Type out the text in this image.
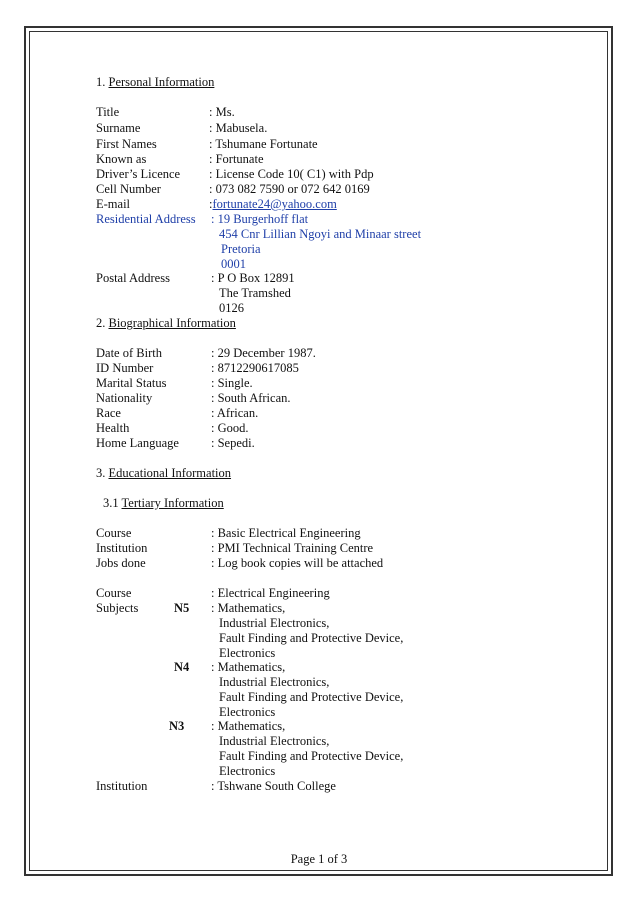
1. Personal Information
Title	: Ms.
Surname	: Mabusela.
First Names	: Tshumane Fortunate
Known as	: Fortunate
Driver’s Licence : License Code 10( C1) with Pdp
Cell Number	: 073 082 7590 or 072 642 0169
E-mail	:fortunate24@yahoo.com
Residential Address : 19 Burgerhoff flat
454 Cnr Lillian Ngoyi and Minaar street
Pretoria
0001
Postal Address	: P O Box 12891
The Tramshed
0126
2. Biographical Information
Date of Birth	: 29 December 1987.
ID Number	: 8712290617085
Marital Status	: Single.
Nationality	: South African.
Race	: African.
Health	: Good.
Home Language	: Sepedi.
3. Educational Information
3.1 Tertiary Information
Course	: Basic Electrical Engineering
Institution	: PMI Technical Training Centre
Jobs done	: Log book copies will be attached
Course	: Electrical Engineering
Subjects	N5 : Mathematics,
Industrial Electronics,
Fault Finding and Protective Device,
Electronics
N4 : Mathematics,
Industrial Electronics,
Fault Finding and Protective Device,
Electronics
N3 : Mathematics,
Industrial Electronics,
Fault Finding and Protective Device,
Electronics
Institution	: Tshwane South College
Page 1 of 3
